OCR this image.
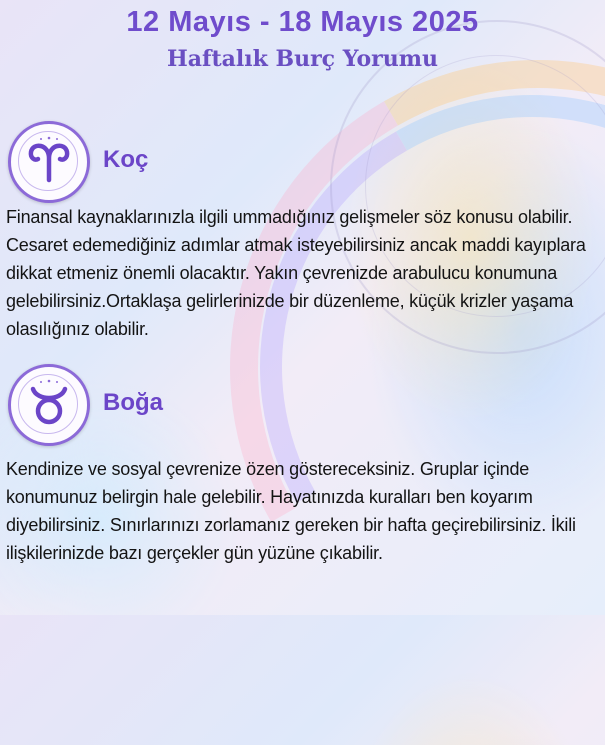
12 Mayıs - 18 Mayıs 2025
Haftalık Burç Yorumu
Koç

Finansal kaynaklarınızla ilgili ummadığınız gelişmeler söz konusu olabilir. Cesaret edemediğiniz adımlar atmak isteyebilirsiniz ancak maddi kayıplara dikkat etmeniz önemli olacaktır. Yakın çevrenizde arabulucu konumuna gelebilirsiniz.Ortaklaşa gelirlerinizde bir düzenleme, küçük krizler yaşama olasılığınız olabilir.

Boğa

Kendinize ve sosyal çevrenize özen göstereceksiniz. Gruplar içinde konumunuz belirgin hale gelebilir. Hayatınızda kuralları ben koyarım diyebilirsiniz. Sınırlarınızı zorlamanız gereken bir hafta geçirebilirsiniz. İkili ilişkilerinizde bazı gerçekler gün yüzüne çıkabilir.
